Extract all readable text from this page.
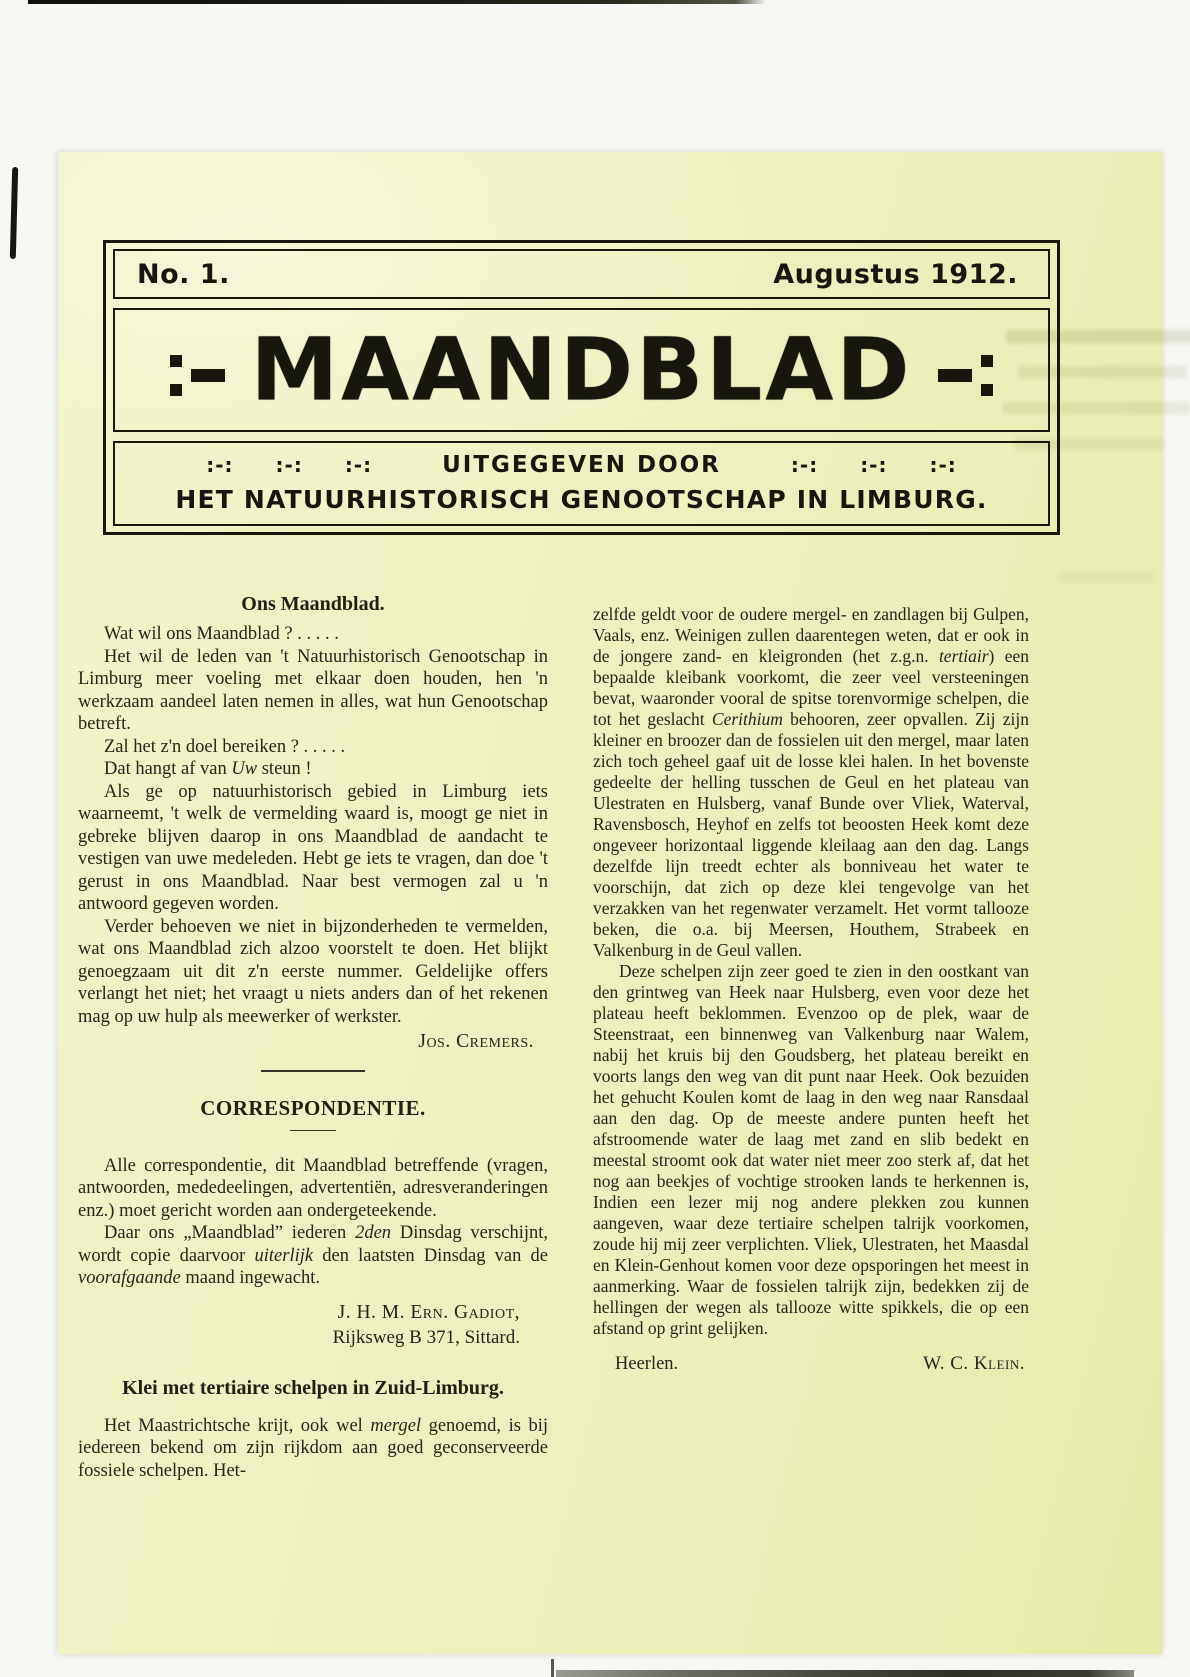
No. 1.	Augustus 1912.
MAANDBLAD
:-: :-: :-:	UITGEGEVEN DOOR	:-: :-: :-:
HET NATUURHISTORISCH GENOOTSCHAP IN LIMBURG.
Ons Maandblad.

Wat wil ons Maandblad ? . . . . .

Het wil de leden van 't Natuurhistorisch Genootschap in Limburg meer voeling met elkaar doen houden, hen 'n werkzaam aandeel laten nemen in alles, wat hun Genootschap betreft.

Zal het z'n doel bereiken ? . . . . .

Dat hangt af van Uw steun !

Als ge op natuurhistorisch gebied in Limburg iets waarneemt, 't welk de vermelding waard is, moogt ge niet in gebreke blijven daarop in ons Maandblad de aandacht te vestigen van uwe medeleden. Hebt ge iets te vragen, dan doe 't gerust in ons Maandblad. Naar best vermogen zal u 'n antwoord gegeven worden.

Verder behoeven we niet in bijzonderheden te vermelden, wat ons Maandblad zich alzoo voorstelt te doen. Het blijkt genoegzaam uit dit z'n eerste nummer. Geldelijke offers verlangt het niet; het vraagt u niets anders dan of het rekenen mag op uw hulp als meewerker of werkster.

Jos. Cremers.
CORRESPONDENTIE.

Alle correspondentie, dit Maandblad betreffende (vragen, antwoorden, mededeelingen, advertentiën, adresveranderingen enz.) moet gericht worden aan ondergeteekende.

Daar ons „Maandblad” iederen 2den Dinsdag verschijnt, wordt copie daarvoor uiterlijk den laatsten Dinsdag van de voorafgaande maand ingewacht.

J. H. M. Ern. Gadiot,
Rijksweg B 371, Sittard.
Klei met tertiaire schelpen in Zuid-Limburg.

Het Maastrichtsche krijt, ook wel mergel genoemd, is bij iedereen bekend om zijn rijkdom aan goed geconserveerde fossiele schelpen. Het-

zelfde geldt voor de oudere mergel- en zandlagen bij Gulpen, Vaals, enz. Weinigen zullen daarentegen weten, dat er ook in de jongere zand- en kleigronden (het z.g.n. tertiair) een bepaalde kleibank voorkomt, die zeer veel versteeningen bevat, waaronder vooral de spitse torenvormige schelpen, die tot het geslacht Cerithium behooren, zeer opvallen. Zij zijn kleiner en broozer dan de fossielen uit den mergel, maar laten zich toch geheel gaaf uit de losse klei halen. In het bovenste gedeelte der helling tusschen de Geul en het plateau van Ulestraten en Hulsberg, vanaf Bunde over Vliek, Waterval, Ravensbosch, Heyhof en zelfs tot beoosten Heek komt deze ongeveer horizontaal liggende kleilaag aan den dag. Langs dezelfde lijn treedt echter als bonniveau het water te voorschijn, dat zich op deze klei tengevolge van het verzakken van het regenwater verzamelt. Het vormt tallooze beken, die o.a. bij Meersen, Houthem, Strabeek en Valkenburg in de Geul vallen.

Deze schelpen zijn zeer goed te zien in den oostkant van den grintweg van Heek naar Hulsberg, even voor deze het plateau heeft beklommen. Evenzoo op de plek, waar de Steenstraat, een binnenweg van Valkenburg naar Walem, nabij het kruis bij den Goudsberg, het plateau bereikt en voorts langs den weg van dit punt naar Heek. Ook bezuiden het gehucht Koulen komt de laag in den weg naar Ransdaal aan den dag. Op de meeste andere punten heeft het afstroomende water de laag met zand en slib bedekt en meestal stroomt ook dat water niet meer zoo sterk af, dat het nog aan beekjes of vochtige strooken lands te herkennen is, Indien een lezer mij nog andere plekken zou kunnen aangeven, waar deze tertiaire schelpen talrijk voorkomen, zoude hij mij zeer verplichten. Vliek, Ulestraten, het Maasdal en Klein-Genhout komen voor deze opsporingen het meest in aanmerking. Waar de fossielen talrijk zijn, bedekken zij de hellingen der wegen als tallooze witte spikkels, die op een afstand op grint gelijken.

Heerlen.	W. C. Klein.
